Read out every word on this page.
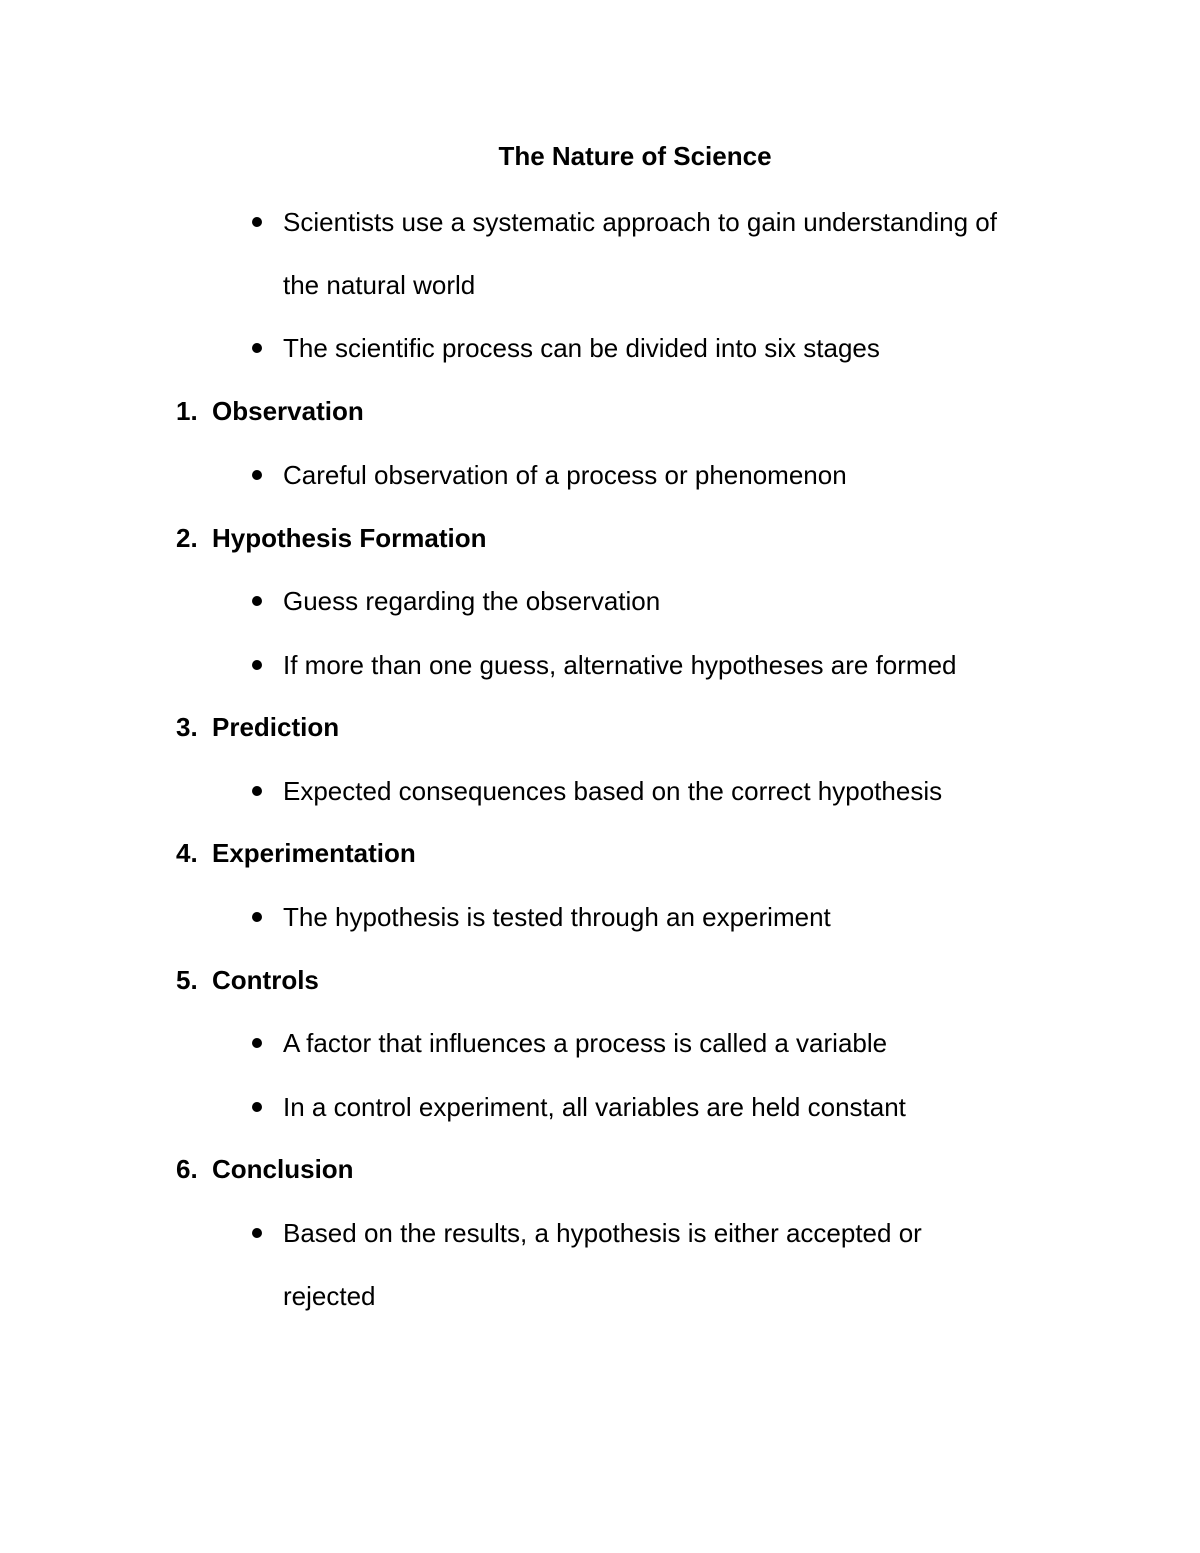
The Nature of Science
Scientists use a systematic approach to gain understanding of
the natural world
The scientific process can be divided into six stages
1. Observation
Careful observation of a process or phenomenon
2. Hypothesis Formation
Guess regarding the observation
If more than one guess, alternative hypotheses are formed
3. Prediction
Expected consequences based on the correct hypothesis
4. Experimentation
The hypothesis is tested through an experiment
5. Controls
A factor that influences a process is called a variable
In a control experiment, all variables are held constant
6. Conclusion
Based on the results, a hypothesis is either accepted or
rejected
